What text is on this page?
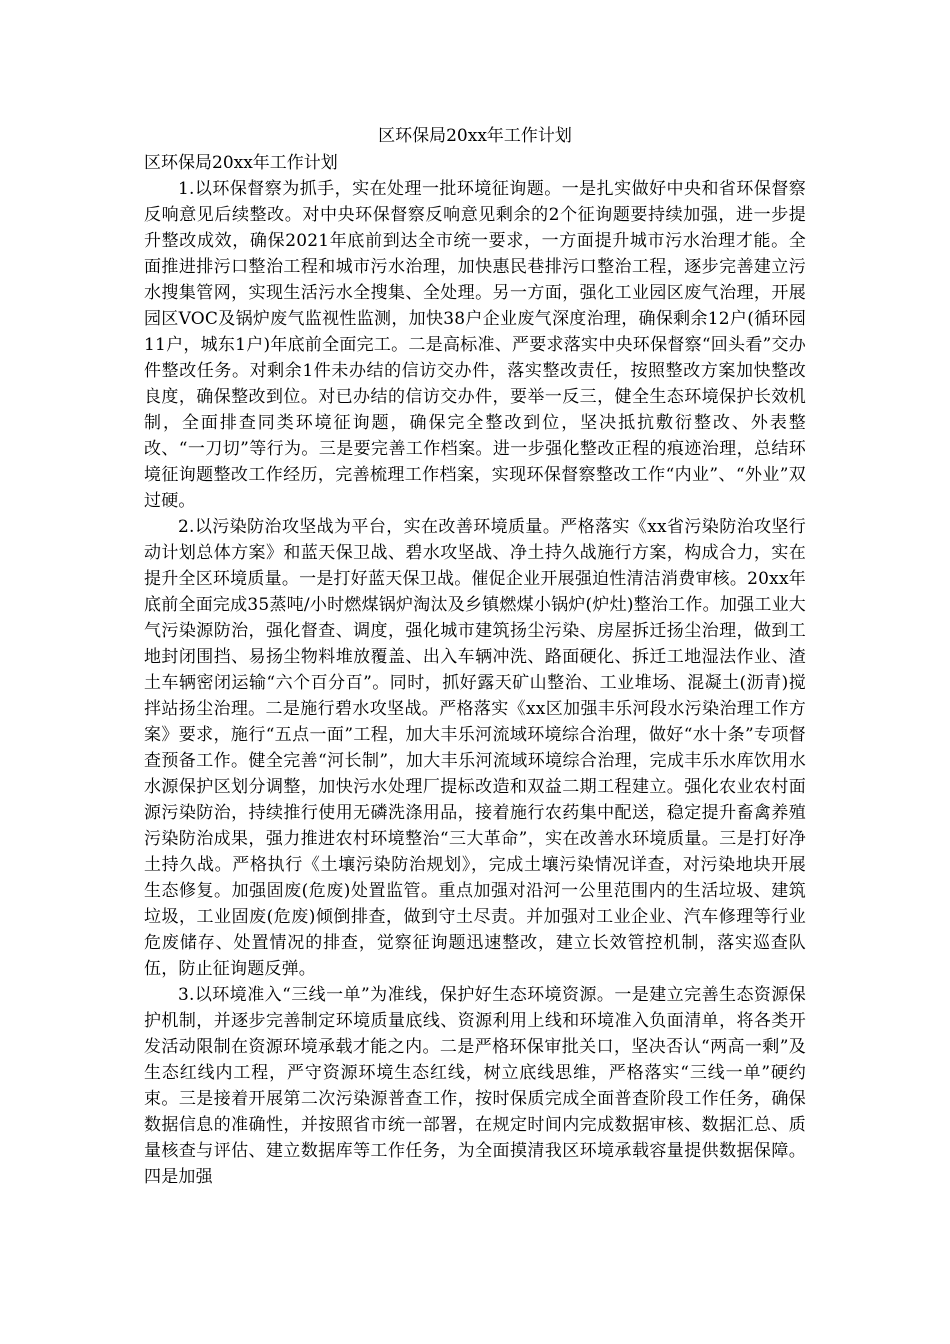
区环保局20xx年工作计划

区环保局20xx年工作计划

1.以环保督察为抓手，实在处理一批环境征询题。一是扎实做好中央和省环保督察反响意见后续整改。对中央环保督察反响意见剩余的2个征询题要持续加强，进一步提升整改成效，确保2021年底前到达全市统一要求，一方面提升城市污水治理才能。全面推进排污口整治工程和城市污水治理，加快惠民巷排污口整治工程，逐步完善建立污水搜集管网，实现生活污水全搜集、全处理。另一方面，强化工业园区废气治理，开展园区VOC及锅炉废气监视性监测，加快38户企业废气深度治理，确保剩余12户(循环园11户，城东1户)年底前全面完工。二是高标准、严要求落实中央环保督察“回头看”交办件整改任务。对剩余1件未办结的信访交办件，落实整改责任，按照整改方案加快整改良度，确保整改到位。对已办结的信访交办件，要举一反三，健全生态环境保护长效机制，全面排查同类环境征询题，确保完全整改到位，坚决抵抗敷衍整改、外表整改、“一刀切”等行为。三是要完善工作档案。进一步强化整改正程的痕迹治理，总结环境征询题整改工作经历，完善梳理工作档案，实现环保督察整改工作“内业”、“外业”双过硬。

2.以污染防治攻坚战为平台，实在改善环境质量。严格落实《xx省污染防治攻坚行动计划总体方案》和蓝天保卫战、碧水攻坚战、净土持久战施行方案，构成合力，实在提升全区环境质量。一是打好蓝天保卫战。催促企业开展强迫性清洁消费审核。20xx年底前全面完成35蒸吨/小时燃煤锅炉淘汰及乡镇燃煤小锅炉(炉灶)整治工作。加强工业大气污染源防治，强化督查、调度，强化城市建筑扬尘污染、房屋拆迁扬尘治理，做到工地封闭围挡、易扬尘物料堆放覆盖、出入车辆冲洗、路面硬化、拆迁工地湿法作业、渣土车辆密闭运输“六个百分百”。同时，抓好露天矿山整治、工业堆场、混凝土(沥青)搅拌站扬尘治理。二是施行碧水攻坚战。严格落实《xx区加强丰乐河段水污染治理工作方案》要求，施行“五点一面”工程，加大丰乐河流域环境综合治理，做好“水十条”专项督查预备工作。健全完善“河长制”，加大丰乐河流域环境综合治理，完成丰乐水库饮用水水源保护区划分调整，加快污水处理厂提标改造和双益二期工程建立。强化农业农村面源污染防治，持续推行使用无磷洗涤用品，接着施行农药集中配送，稳定提升畜禽养殖污染防治成果，强力推进农村环境整治“三大革命”，实在改善水环境质量。三是打好净土持久战。严格执行《土壤污染防治规划》，完成土壤污染情况详查，对污染地块开展生态修复。加强固废(危废)处置监管。重点加强对沿河一公里范围内的生活垃圾、建筑垃圾，工业固废(危废)倾倒排查，做到守土尽责。并加强对工业企业、汽车修理等行业危废储存、处置情况的排查，觉察征询题迅速整改，建立长效管控机制，落实巡查队伍，防止征询题反弹。

3.以环境准入“三线一单”为准线，保护好生态环境资源。一是建立完善生态资源保护机制，并逐步完善制定环境质量底线、资源利用上线和环境准入负面清单，将各类开发活动限制在资源环境承载才能之内。二是严格环保审批关口，坚决否认“两高一剩”及生态红线内工程，严守资源环境生态红线，树立底线思维，严格落实“三线一单”硬约束。三是接着开展第二次污染源普查工作，按时保质完成全面普查阶段工作任务，确保数据信息的准确性，并按照省市统一部署，在规定时间内完成数据审核、数据汇总、质量核查与评估、建立数据库等工作任务，为全面摸清我区环境承载容量提供数据保障。四是加强
